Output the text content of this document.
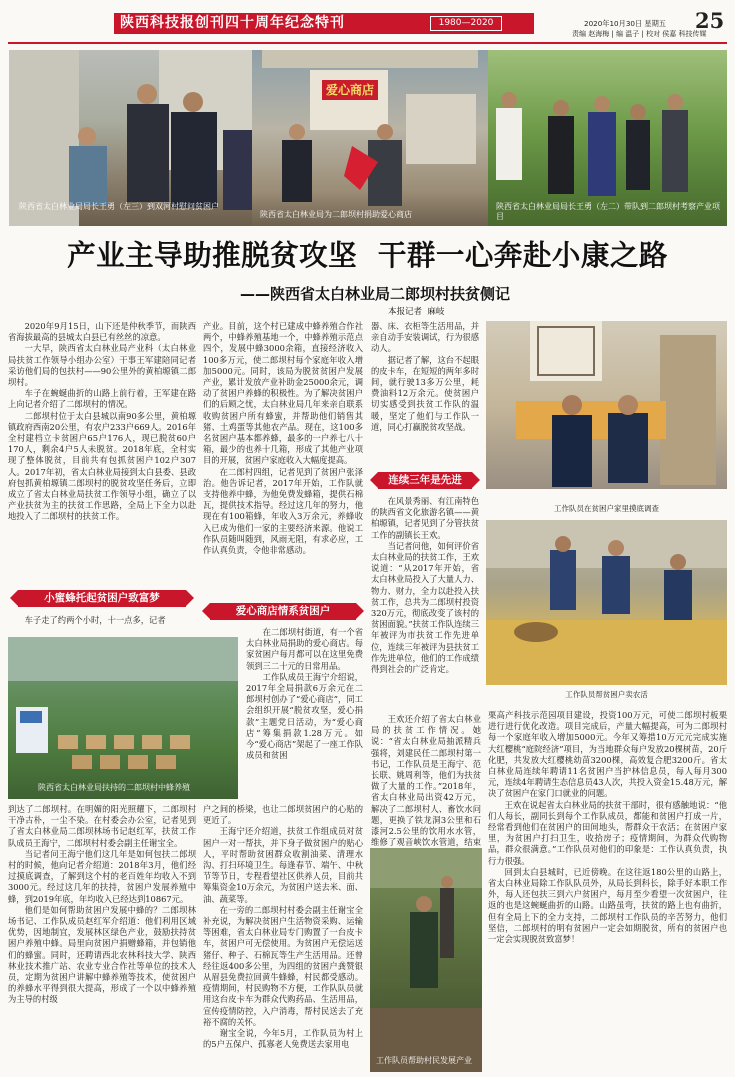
陕西科技报创刊四十周年纪念特刊	1980—2020	25
2020年10月30日 星期五
责编 赵海梅 | 编 温子 | 校对 侯嘉 科技传媒
陕西省太白林业局局长王勇（左三）到双河村慰问贫困户
爱心商店
陕西省太白林业局为二郎坝村捐助爱心商店
陕西省太白林业局局长王勇（左二）带队到二郎坝村考察产业项目
产业主导助推脱贫攻坚  干群一心奔赴小康之路
——陕西省太白林业局二郎坝村扶贫侧记
本报记者  麻岐

2020年9月15日，山下还是仲秋季节，而陕西省海拔最高的县城太白县已有丝丝的凉意。

一大早，陕西省太白林业局产业科（太白林业局扶贫工作领导小组办公室）干事王军建陪同记者采访他们局的包扶村——90公里外的黄柏塬镇二郎坝村。

车子在蜿蜒曲折的山路上前行着，王军建在路上向记者介绍了二郎坝村的情况。

二郎坝村位于太白县城以南90多公里，黄柏塬镇政府西南20公里，有农户233户669人。2016年全村建档立卡贫困户65户176人，现已脱贫60户170人，剩余4户5人未脱贫。2018年底，全村实现了整体脱贫，目前共有包抓贫困户102户307人。2017年初，省太白林业局接到太白县委、县政府包抓黄柏塬镇二郎坝村的脱贫攻坚任务后，立即成立了省太白林业局扶贫工作领导小组，确立了以产业扶贫为主的扶贫工作思路，全局上下全力以赴地投入了二郎坝村的扶贫工作。

小蜜蜂托起贫困户致富梦

车子走了约两个小时，十一点多，记者

陕西省太白林业局扶持的二郎坝村中蜂养殖

到达了二郎坝村。在明媚的阳光照耀下，二郎坝村干净古朴，一尘不染。在村委会办公室，记者见到了省太白林业局二郎坝林场书记赵红军，扶贫工作队成员王海宁，二郎坝村村委会副主任谢宝全。

当记者问王海宁他们这几年是如何包扶二郎坝村的时候，他向记者介绍道：2018年3月，他们经过摸底调查，了解到这个村的老百姓年均收入不到3000元。经过这几年的扶持，贫困户发展养殖中蜂，到2019年底，年均收入已经达到10867元。

他们是如何帮助贫困户发展中蜂的？二郎坝林场书记、工作队成员赵红军介绍道：他们利用区域优势，因地制宜，发展林区绿色产业，鼓励扶持贫困户养殖中蜂。局里向贫困户捐赠蜂箱，并包销他们的蜂蜜。同时，还聘请西北农林科技大学、陕西林业技术推广站、农业专业合作社等单位的技术人员，定期为贫困户讲解中蜂养殖等技术，使贫困户的养蜂水平得到很大提高，形成了一个以中蜂养殖为主导的村级

产业。目前，这个村已建成中蜂养殖合作社两个，中蜂养殖基地一个，中蜂养殖示范点四个，发展中蜂3000余箱，直接经济收入100多万元，使二郎坝村每个家庭年收入增加5000元。同时，该局为脱贫贫困户发展产业，累计发放产业补助金25000余元，调动了贫困户养蜂的积极性。为了解决贫困户们的后顾之忧，太白林业局几年来亲自联系收购贫困户所有蜂蜜，并帮助他们销售其猪、土鸡蛋等其他农产品。现在，这100多名贫困户基本都养蜂，最多的一户养七八十箱，最少的也养十几箱，形成了其他产业项目的开展，贫困户家庭收入大幅度提高。

在二郎村四组，记者见到了贫困户张泽治。他告诉记者，2017年开始，工作队就支持他养中蜂，为他免费发蜂箱，提供石棉瓦，提供技术指导。经过这几年的努力，他现在有100箱蜂，年收入3万余元，养蜂收入已成为他们一家的主要经济来源。他说工作队员随叫随到，风雨无阻，有求必应，工作认真负责，令他非常感动。

爱心商店情系贫困户

在二郎坝村街道，有一个省太白林业局捐助的爱心商店。每家贫困户每月都可以在这里免费领到三二十元的日常用品。

工作队成员王海宁介绍说，2017年全局捐款6万余元在二郎坝村创办了“爱心商店”，同工会组织开展“脱贫攻坚，爱心捐款”主题党日活动，为“爱心商店”筹集捐款1.28万元。如今“爱心商店”架起了一座工作队成员和贫困

户之间的桥梁，也让二郎坝贫困户的心贴的更近了。

王海宁还介绍道，扶贫工作组成员对贫困户一对一帮扶，并下身子做贫困户的贴心人，平时帮助贫困群众收割油菜、清理水沟、打扫环境卫生。每逢春节、端午、中秋节等节日，专程看望社区供养人员，目前共筹集资金10万余元，为贫困户送去米、面、油、蔬菜等。

在一旁的二郎坝村村委会副主任谢宝全补充说，为解决贫困户生活物资采购、运输等困难，省太白林业局专门购置了一台皮卡车，贫困户可无偿使用。为贫困户无偿运送猪仔、种子、石棉瓦等生产生活用品。还曾经往返400多公里，为四组的贫困户龚赞银从眉县免费拉回黄牛蜂蜂，村民都受感动。疫情期间，村民购物不方便，工作队队员就用这台皮卡车为群众代购药品、生活用品，宣传疫情防控，入户消毒，帮村民送去了充裕不腐的关怀。

谢宝全说，今年5月，工作队员为村上的5户五保户、孤寡老人免费送去家用电

器、床、衣柜等生活用品，并亲自动手安装调试，行为很感动人。

据记者了解，这台不起眼的皮卡车，在短短的两年多时间，就行驶13多万公里，耗费油料12万余元。使贫困户切实感受到扶贫工作队的温暖，坚定了他们与工作队一道，同心打赢脱贫攻坚战。

连续三年是先进

在风景秀丽、有江南特色的陕西省文化旅游名镇——黄柏塬镇，记者见到了分管扶贫工作的副镇长王欢。

当记者问他，如何评价省太白林业局的扶贫工作，王欢说道：“从2017年开始，省太白林业局投入了大量人力、物力、财力，全力以赴投入扶贫工作，总共为二郎坝村投资320万元，彻底改变了该村的贫困面貌。”扶贫工作队连续三年被评为市扶贫工作先进单位，连续三年被评为县扶贫工作先进单位，他们的工作成绩得到社会的广泛肯定。

王欢还介绍了省太白林业局的扶贫工作情况。她说：“省太白林业局抽派精兵强将，刘建民任二郎坝村第一书记，工作队员是王海宁、范长联、姚周利等，他们为扶贫做了大量的工作。”2018年，省太白林业局出资42万元，解决了二郎坝村人、畜饮水问题，更换了铁龙洞3公里和石漆河2.5公里的饮用水水管，维修了观音峡饮水管道，结束

工作队员帮助村民发展产业
工作队员在贫困户家里摸底调查
工作队员帮贫困户卖农活

栗高产科技示范园项目建设，投资100万元，可使二郎坝村板栗进行进行优化改造。项目完成后，产量大幅提高，可为二郎坝村每一个家庭年收入增加5000元。今年又筹措10万元元完成实施大红樱桃“庭院经济”项目，为当地群众每户发放20棵树苗，20斤化肥，共发放大红樱桃幼苗3200棵，高效复合肥3200斤。省太白林业局连续年聘请11名贫困户当护林信息员，每人每月300元，连续4年聘请生态信息员43人次，共投入资金15.48万元，解决了贫困户在家门口就业的问题。

王欢在说起省太白林业局的扶贫干部时，很有感触地说：“他们人每长，副同长到每个工作队成员，都能和贫困户打成一片，经常看到他们在贫困户的田间地头，帮群众干农活；在贫困户家里，为贫困户打扫卫生，收拾房子；疫情期间，为群众代购物品，群众很满意。”工作队员对他们的印象是：工作认真负责，执行力很强。

回到太白县城时，已近傍晚。在这往返180公里的山路上，省太白林业局除工作队队员外，从局长到科长，除手好本职工作外，每人还包扶三到六户贫困户，每月至少看望一次贫困户，往返的也是这蜿蜒曲折的山路。山路虽弯，扶贫的路上也有曲折，但有全局上下的全力支持，二郎坝村工作队员的辛苦努力，他们坚信，二郎坝村的明有贫困户一定会如期脱贫，所有的贫困户也一定会实现脱贫致富梦！
